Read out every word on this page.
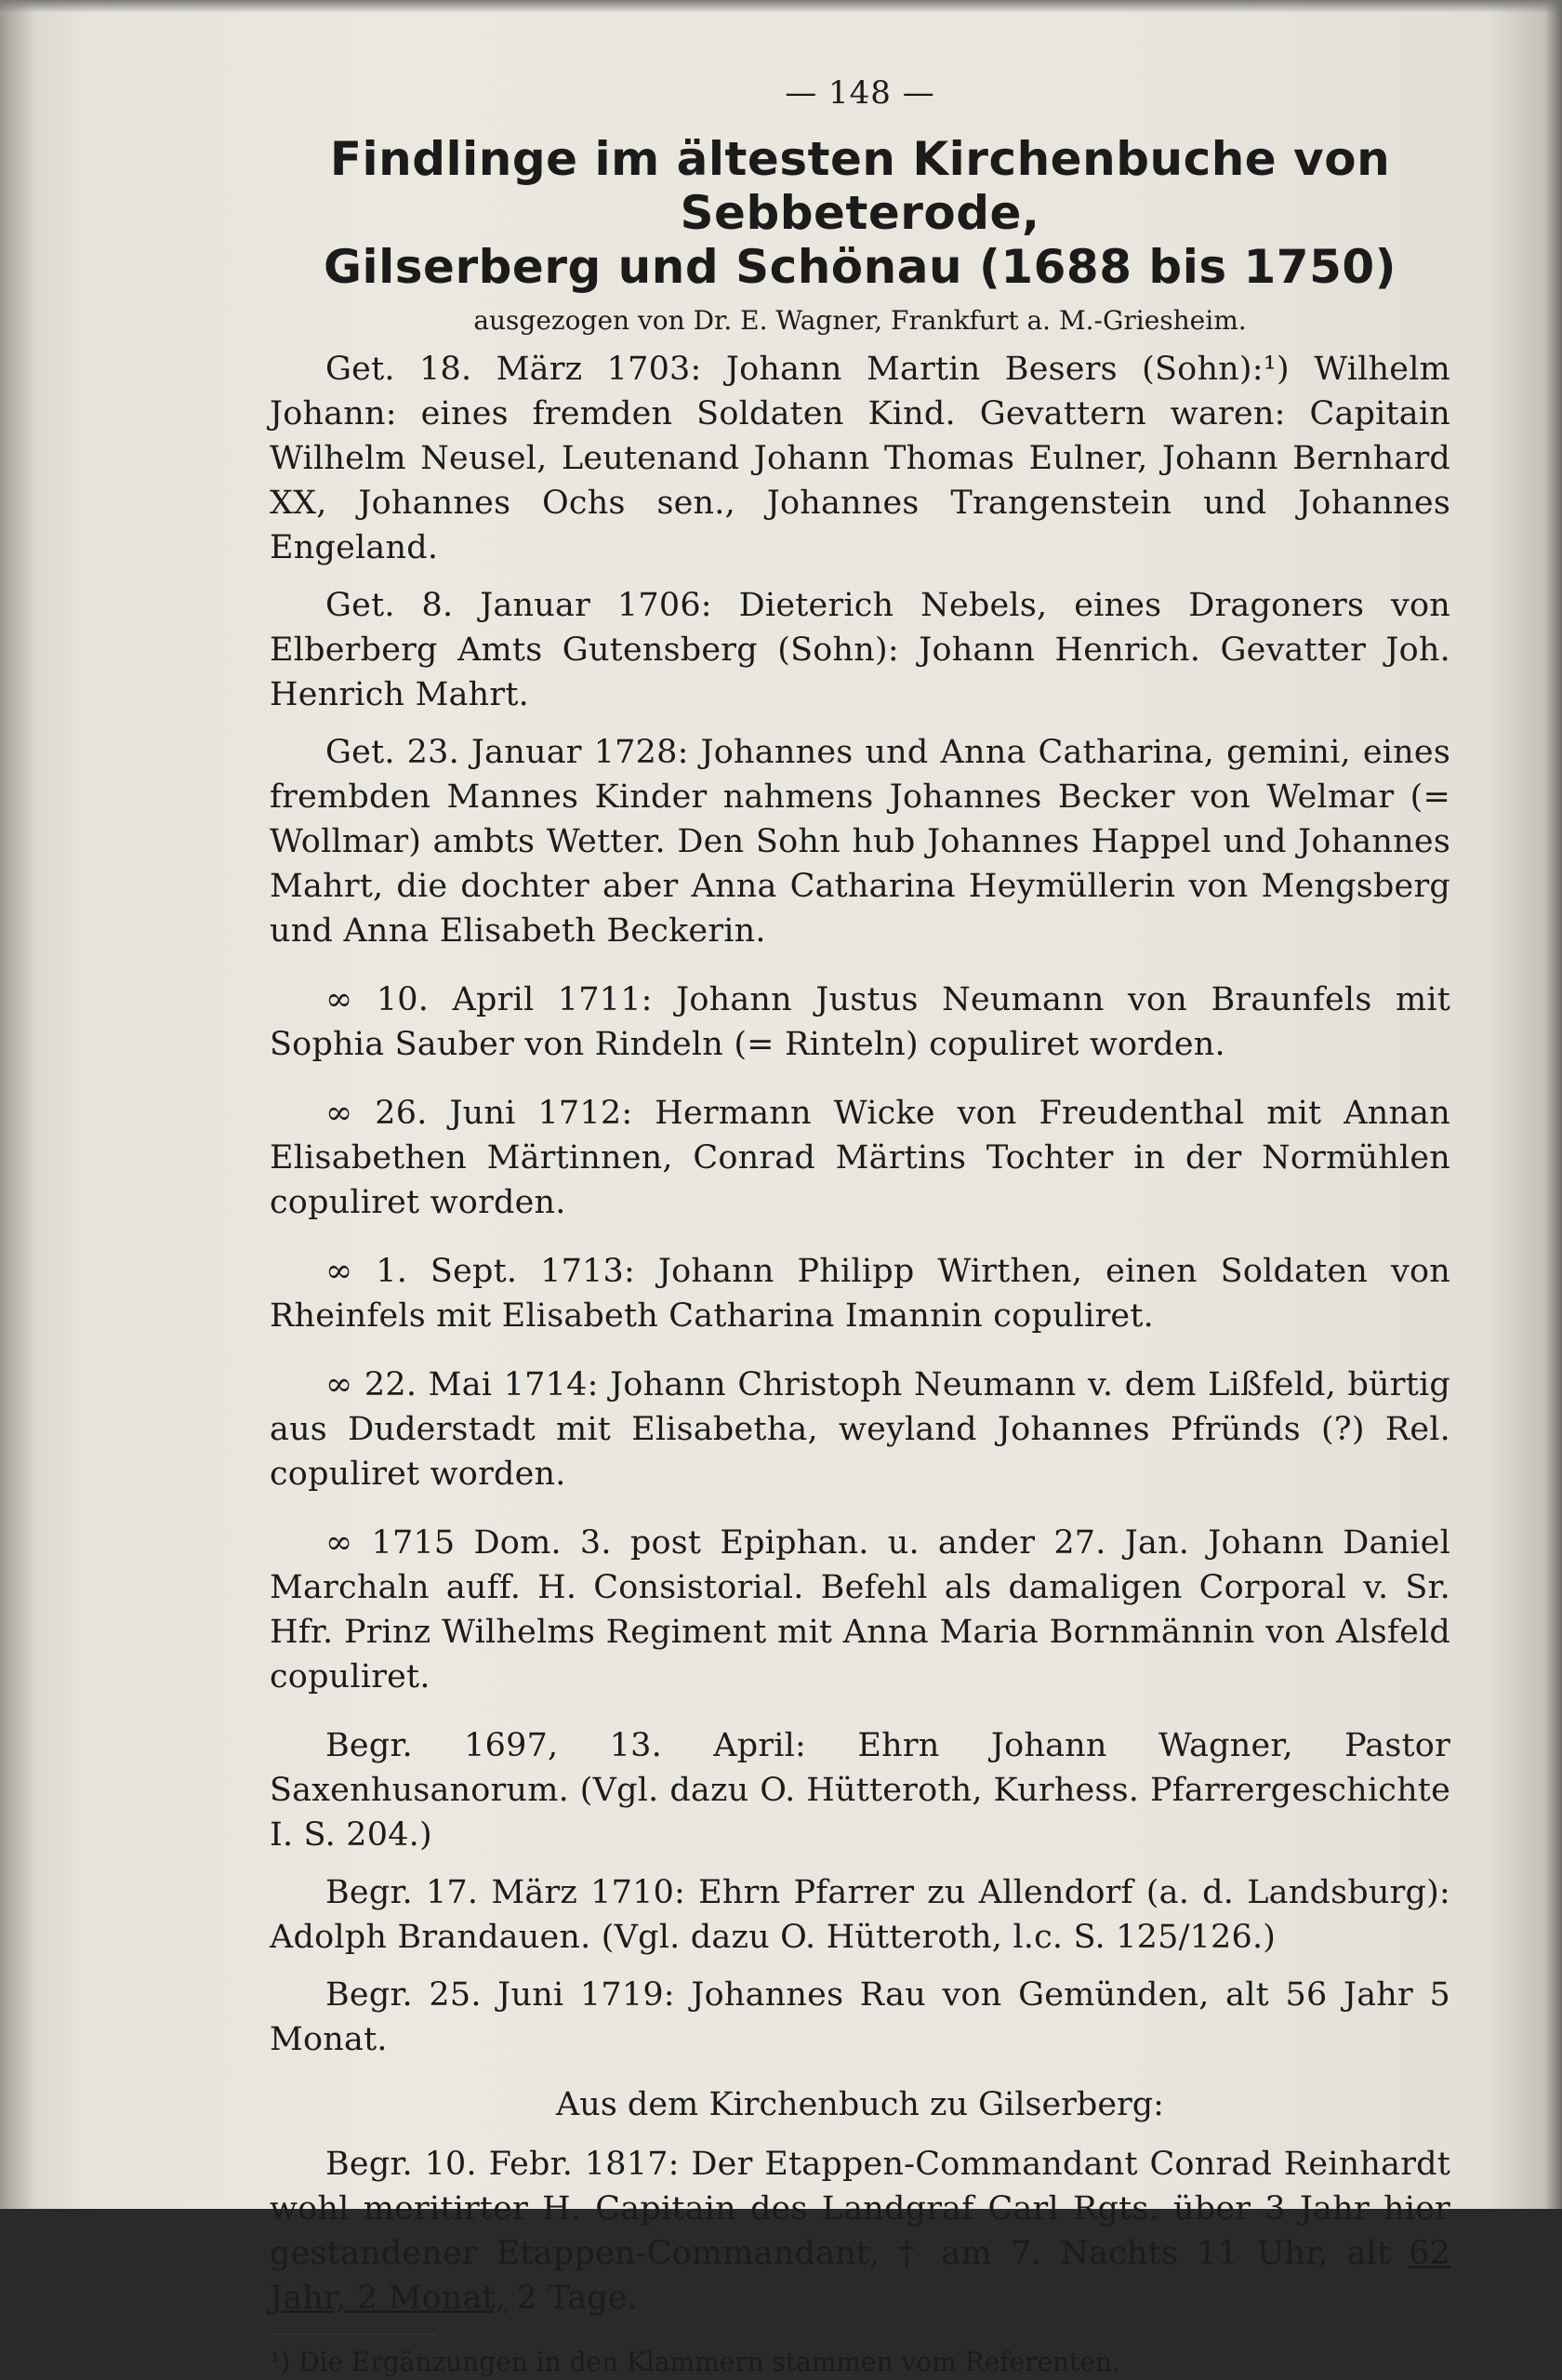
— 148 —
Findlinge im ältesten Kirchenbuche von Sebbeterode,
Gilserberg und Schönau (1688 bis 1750)
ausgezogen von Dr. E. Wagner, Frankfurt a. M.-Griesheim.

Get. 18. März 1703: Johann Martin Besers (Sohn):¹) Wilhelm Johann: eines fremden Soldaten Kind. Gevattern waren: Capitain Wilhelm Neusel, Leutenand Johann Thomas Eulner, Johann Bernhard XX, Johannes Ochs sen., Johannes Trangenstein und Johannes Engeland.

Get. 8. Januar 1706: Dieterich Nebels, eines Dragoners von Elberberg Amts Gutensberg (Sohn): Johann Henrich. Gevatter Joh. Henrich Mahrt.

Get. 23. Januar 1728: Johannes und Anna Catharina, gemini, eines frembden Mannes Kinder nahmens Johannes Becker von Welmar (= Wollmar) ambts Wetter. Den Sohn hub Johannes Happel und Johannes Mahrt, die dochter aber Anna Catharina Heymüllerin von Mengsberg und Anna Elisabeth Beckerin.

∞ 10. April 1711: Johann Justus Neumann von Braunfels mit Sophia Sauber von Rindeln (= Rinteln) copuliret worden.

∞ 26. Juni 1712: Hermann Wicke von Freudenthal mit Annan Elisabethen Märtinnen, Conrad Märtins Tochter in der Normühlen copuliret worden.

∞ 1. Sept. 1713: Johann Philipp Wirthen, einen Soldaten von Rheinfels mit Elisabeth Catharina Imannin copuliret.

∞ 22. Mai 1714: Johann Christoph Neumann v. dem Lißfeld, bürtig aus Duderstadt mit Elisabetha, weyland Johannes Pfründs (?) Rel. copuliret worden.

∞ 1715 Dom. 3. post Epiphan. u. ander 27. Jan. Johann Daniel Marchaln auff. H. Consistorial. Befehl als damaligen Corporal v. Sr. Hfr. Prinz Wilhelms Regiment mit Anna Maria Bornmännin von Alsfeld copuliret.

Begr. 1697, 13. April: Ehrn Johann Wagner, Pastor Saxenhusanorum. (Vgl. dazu O. Hütteroth, Kurhess. Pfarrergeschichte I. S. 204.)

Begr. 17. März 1710: Ehrn Pfarrer zu Allendorf (a. d. Landsburg): Adolph Brandauen. (Vgl. dazu O. Hütteroth, l.c. S. 125/126.)

Begr. 25. Juni 1719: Johannes Rau von Gemünden, alt 56 Jahr 5 Monat.

Aus dem Kirchenbuch zu Gilserberg:

Begr. 10. Febr. 1817: Der Etappen-Commandant Conrad Reinhardt wohl meritirter H. Capitain des Landgraf Carl Rgts. über 3 Jahr hier gestandener Etappen-Commandant, † am 7. Nachts 11 Uhr, alt 62 Jahr, 2 Monat, 2 Tage.

¹) Die Ergänzungen in den Klammern stammen vom Referenten.
